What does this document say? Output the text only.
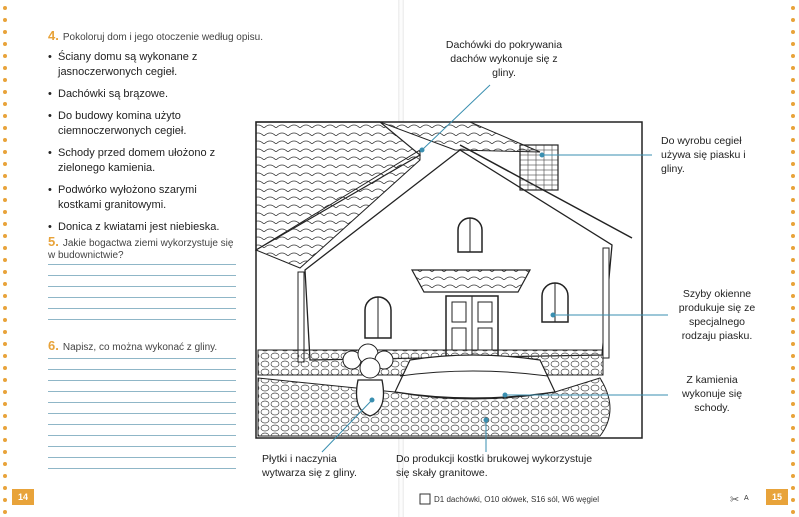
4. Pokoloruj dom i jego otoczenie według opisu.
• Ściany domu są wykonane z jasnoczerwonych cegieł.
• Dachówki są brązowe.
• Do budowy komina użyto ciemnoczerwonych cegieł.
• Schody przed domem ułożono z zielonego kamienia.
• Podwórko wyłożono szarymi kostkami granitowymi.
• Donica z kwiatami jest niebieska.
5. Jakie bogactwa ziemi wykorzystuje się w budownictwie?
6. Napisz, co można wykonać z gliny.
14	15
✂
Dachówki do pokrywania dachów wykonuje się z gliny.
Do wyrobu cegieł używa się piasku i gliny.
Szyby okienne produkuje się ze specjalnego rodzaju piasku.
Z kamienia wykonuje się schody.
Płytki i naczynia wytwarza się z gliny.
Do produkcji kostki brukowej wykorzystuje się skały granitowe.
D1 dachówki, O10 ołówek, S16 sól, W6 węgiel	A
